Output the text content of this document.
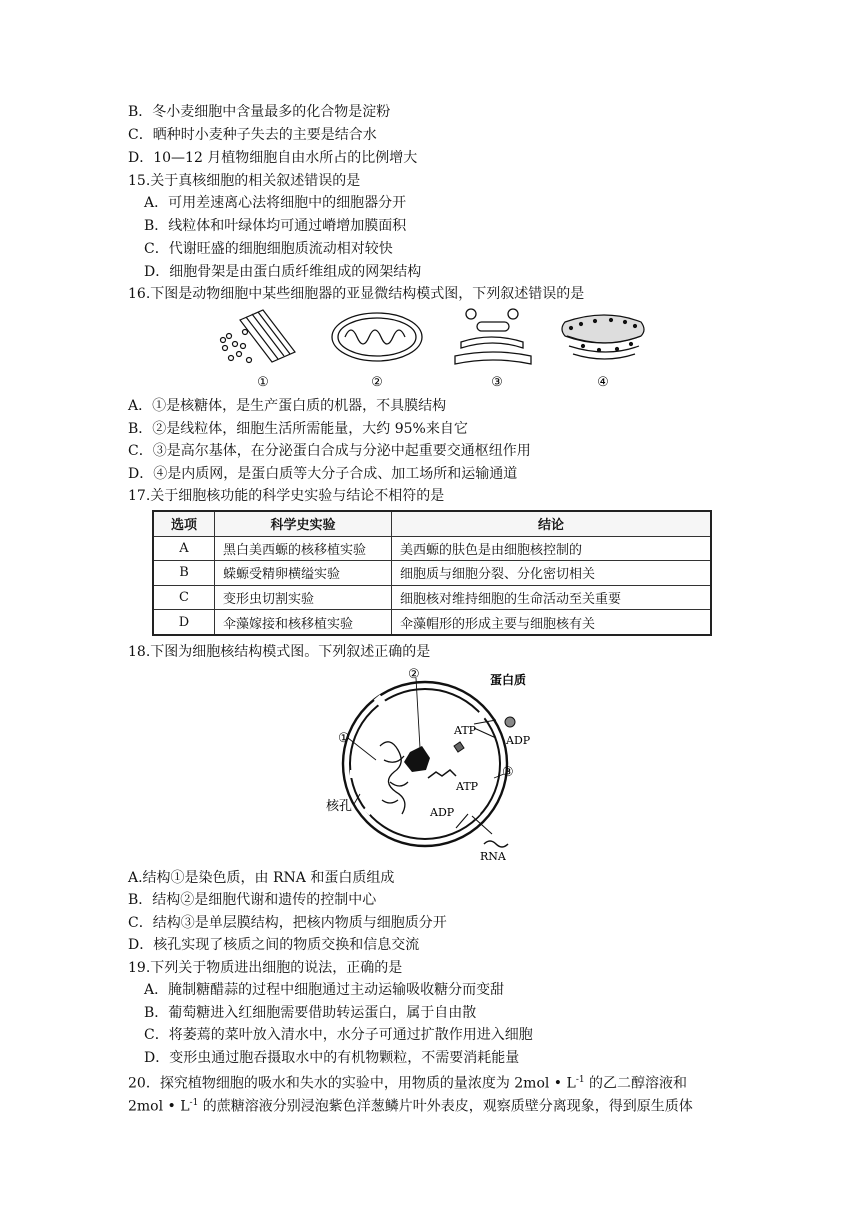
B．冬小麦细胞中含量最多的化合物是淀粉
C．晒种时小麦种子失去的主要是结合水
D．10—12 月植物细胞自由水所占的比例增大
15.关于真核细胞的相关叙述错误的是
A．可用差速离心法将细胞中的细胞器分开
B．线粒体和叶绿体均可通过嵴增加膜面积
C．代谢旺盛的细胞细胞质流动相对较快
D．细胞骨架是由蛋白质纤维组成的网架结构
16.下图是动物细胞中某些细胞器的亚显微结构模式图，下列叙述错误的是
①	②	③	④
A．①是核糖体，是生产蛋白质的机器，不具膜结构
B．②是线粒体，细胞生活所需能量，大约 95%来自它
C．③是高尔基体，在分泌蛋白合成与分泌中起重要交通枢纽作用
D．④是内质网，是蛋白质等大分子合成、加工场所和运输通道
17.关于细胞核功能的科学史实验与结论不相符的是
选项	科学史实验	结论
A	黑白美西螈的核移植实验	美西螈的肤色是由细胞核控制的
B	蝾螈受精卵横缢实验	细胞质与细胞分裂、分化密切相关
C	变形虫切割实验	细胞核对维持细胞的生命活动至关重要
D	伞藻嫁接和核移植实验	伞藻帽形的形成主要与细胞核有关
18.下图为细胞核结构模式图。下列叙述正确的是
①
②
③
蛋白质
ATP
ADP
ATP
ADP
核孔
RNA
A.结构①是染色质，由 RNA 和蛋白质组成
B．结构②是细胞代谢和遗传的控制中心
C．结构③是单层膜结构，把核内物质与细胞质分开
D．核孔实现了核质之间的物质交换和信息交流
19.下列关于物质进出细胞的说法，正确的是
A．腌制糖醋蒜的过程中细胞通过主动运输吸收糖分而变甜
B．葡萄糖进入红细胞需要借助转运蛋白，属于自由散
C．将萎蔫的菜叶放入清水中，水分子可通过扩散作用进入细胞
D．变形虫通过胞吞摄取水中的有机物颗粒，不需要消耗能量
20．探究植物细胞的吸水和失水的实验中，用物质的量浓度为 2mol • $L^{-1}$ 的乙二醇溶液和
2mol • $L^{-1}$ 的蔗糖溶液分别浸泡紫色洋葱鳞片叶外表皮，观察质壁分离现象，得到原生质体
